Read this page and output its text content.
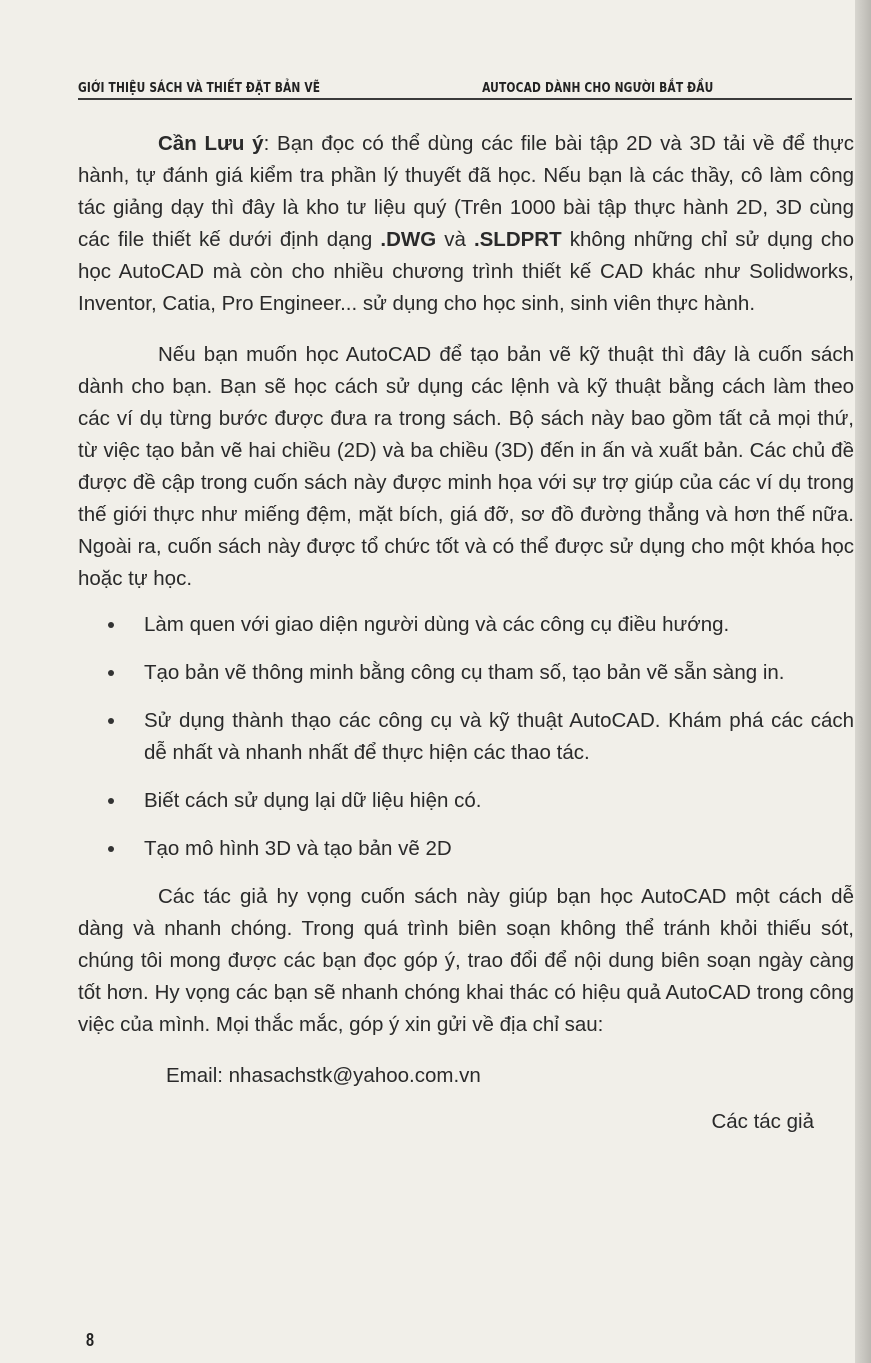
GIỚI THIỆU SÁCH VÀ THIẾT ĐẶT BẢN VẼ	AUTOCAD DÀNH CHO NGƯỜI BẮT ĐẦU

Cần Lưu ý: Bạn đọc có thể dùng các file bài tập 2D và 3D tải về để thực hành, tự đánh giá kiểm tra phần lý thuyết đã học. Nếu bạn là các thầy, cô làm công tác giảng dạy thì đây là kho tư liệu quý (Trên 1000 bài tập thực hành 2D, 3D cùng các file thiết kế dưới định dạng .DWG và .SLDPRT không những chỉ sử dụng cho học AutoCAD mà còn cho nhiều chương trình thiết kế CAD khác như Solidworks, Inventor, Catia, Pro Engineer... sử dụng cho học sinh, sinh viên thực hành.

Nếu bạn muốn học AutoCAD để tạo bản vẽ kỹ thuật thì đây là cuốn sách dành cho bạn. Bạn sẽ học cách sử dụng các lệnh và kỹ thuật bằng cách làm theo các ví dụ từng bước được đưa ra trong sách. Bộ sách này bao gồm tất cả mọi thứ, từ việc tạo bản vẽ hai chiều (2D) và ba chiều (3D) đến in ấn và xuất bản. Các chủ đề được đề cập trong cuốn sách này được minh họa với sự trợ giúp của các ví dụ trong thế giới thực như miếng đệm, mặt bích, giá đỡ, sơ đồ đường thẳng và hơn thế nữa. Ngoài ra, cuốn sách này được tổ chức tốt và có thể được sử dụng cho một khóa học hoặc tự học.

Làm quen với giao diện người dùng và các công cụ điều hướng.
Tạo bản vẽ thông minh bằng công cụ tham số, tạo bản vẽ sẵn sàng in.
Sử dụng thành thạo các công cụ và kỹ thuật AutoCAD. Khám phá các cách dễ nhất và nhanh nhất để thực hiện các thao tác.
Biết cách sử dụng lại dữ liệu hiện có.
Tạo mô hình 3D và tạo bản vẽ 2D

Các tác giả hy vọng cuốn sách này giúp bạn học AutoCAD một cách dễ dàng và nhanh chóng. Trong quá trình biên soạn không thể tránh khỏi thiếu sót, chúng tôi mong được các bạn đọc góp ý, trao đổi để nội dung biên soạn ngày càng tốt hơn. Hy vọng các bạn sẽ nhanh chóng khai thác có hiệu quả AutoCAD trong công việc của mình. Mọi thắc mắc, góp ý xin gửi về địa chỉ sau:

Email: nhasachstk@yahoo.com.vn

Các tác giả

8
